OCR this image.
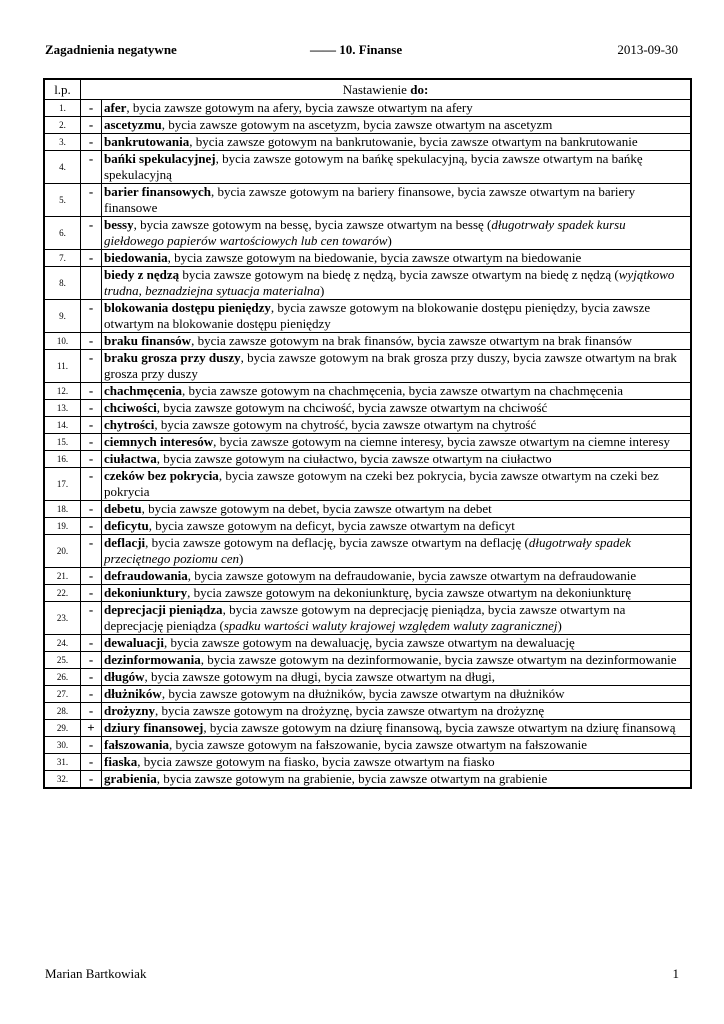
Zagadnienia negatywne	—— 10. Finanse	2013-09-30
l.p.	Nastawienie do:	
1.	-	afer, bycia zawsze gotowym na afery, bycia zawsze otwartym na afery
2.	-	ascetyzmu, bycia zawsze gotowym na ascetyzm, bycia zawsze otwartym na ascetyzm
3.	-	bankrutowania, bycia zawsze gotowym na bankrutowanie, bycia zawsze otwartym na bankrutowanie
4.	-	bańki spekulacyjnej, bycia zawsze gotowym na bańkę spekulacyjną, bycia zawsze otwartym na bańkę spekulacyjną
5.	-	barier finansowych, bycia zawsze gotowym na bariery finansowe, bycia zawsze otwartym na bariery finansowe
6.	-	bessy, bycia zawsze gotowym na bessę, bycia zawsze otwartym na bessę (długotrwały spadek kursu giełdowego papierów wartościowych lub cen towarów)
7.	-	biedowania, bycia zawsze gotowym na biedowanie, bycia zawsze otwartym na biedowanie
8.		biedy z nędzą bycia zawsze gotowym na biedę z nędzą, bycia zawsze otwartym na biedę z nędzą (wyjątkowo trudna, beznadziejna sytuacja materialna)
9.	-	blokowania dostępu pieniędzy, bycia zawsze gotowym na blokowanie dostępu pieniędzy, bycia zawsze otwartym na blokowanie dostępu pieniędzy
10.	-	braku finansów, bycia zawsze gotowym na brak finansów, bycia zawsze otwartym na brak finansów
11.	-	braku grosza przy duszy, bycia zawsze gotowym na brak grosza przy duszy, bycia zawsze otwartym na brak grosza przy duszy
12.	-	chachmęcenia, bycia zawsze gotowym na chachmęcenia, bycia zawsze otwartym na chachmęcenia
13.	-	chciwości, bycia zawsze gotowym na chciwość, bycia zawsze otwartym na chciwość
14.	-	chytrości, bycia zawsze gotowym na chytrość, bycia zawsze otwartym na chytrość
15.	-	ciemnych interesów, bycia zawsze gotowym na ciemne interesy, bycia zawsze otwartym na ciemne interesy
16.	-	ciułactwa, bycia zawsze gotowym na ciułactwo, bycia zawsze otwartym na ciułactwo
17.	-	czeków bez pokrycia, bycia zawsze gotowym na czeki bez pokrycia, bycia zawsze otwartym na czeki bez pokrycia
18.	-	debetu, bycia zawsze gotowym na debet, bycia zawsze otwartym na debet
19.	-	deficytu, bycia zawsze gotowym na deficyt, bycia zawsze otwartym na deficyt
20.	-	deflacji, bycia zawsze gotowym na deflację, bycia zawsze otwartym na deflację (długotrwały spadek przeciętnego poziomu cen)
21.	-	defraudowania, bycia zawsze gotowym na defraudowanie, bycia zawsze otwartym na defraudowanie
22.	-	dekoniunktury, bycia zawsze gotowym na dekoniunkturę, bycia zawsze otwartym na dekoniunkturę
23.	-	deprecjacji pieniądza, bycia zawsze gotowym na deprecjację pieniądza, bycia zawsze otwartym na deprecjację pieniądza (spadku wartości waluty krajowej względem waluty zagranicznej)
24.	-	dewaluacji, bycia zawsze gotowym na dewaluację, bycia zawsze otwartym na dewaluację
25.	-	dezinformowania, bycia zawsze gotowym na dezinformowanie, bycia zawsze otwartym na dezinformowanie
26.	-	długów, bycia zawsze gotowym na długi, bycia zawsze otwartym na długi,
27.	-	dłużników, bycia zawsze gotowym na dłużników, bycia zawsze otwartym na dłużników
28.	-	drożyzny, bycia zawsze gotowym na drożyznę, bycia zawsze otwartym na drożyznę
29.	+	dziury finansowej, bycia zawsze gotowym na dziurę finansową, bycia zawsze otwartym na dziurę finansową
30.	-	fałszowania, bycia zawsze gotowym na fałszowanie, bycia zawsze otwartym na fałszowanie
31.	-	fiaska, bycia zawsze gotowym na fiasko, bycia zawsze otwartym na fiasko
32.	-	grabienia, bycia zawsze gotowym na grabienie, bycia zawsze otwartym na grabienie
Marian Bartkowiak	1
